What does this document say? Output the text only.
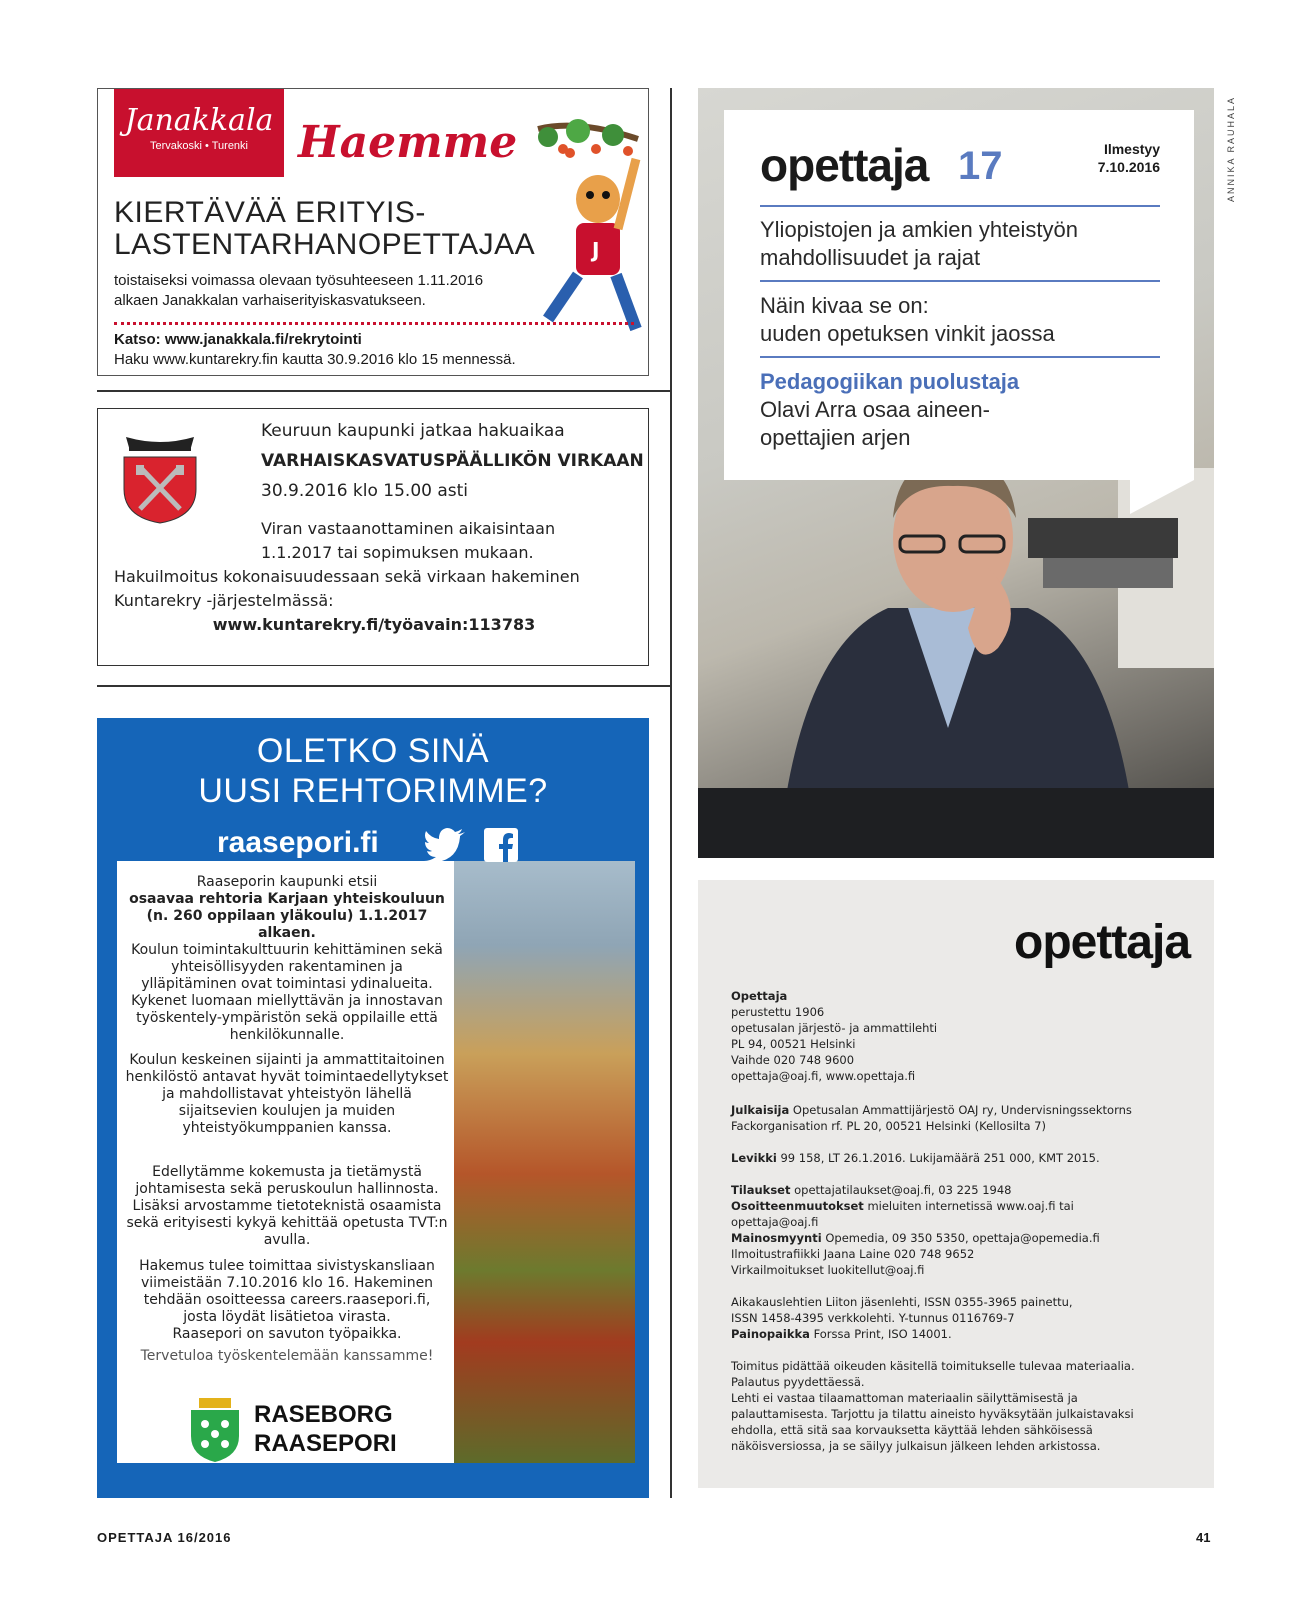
Janakkala
Tervakoski • Turenki	Haemme
J
KIERTÄVÄÄ ERITYIS-
LASTENTARHANOPETTAJAA
toistaiseksi voimassa olevaan työsuhteeseen 1.11.2016
alkaen Janakkalan varhaiserityiskasvatukseen.
Katso: www.janakkala.fi/rekrytointi
Haku www.kuntarekry.fin kautta 30.9.2016 klo 15 mennessä.
Keuruun kaupunki jatkaa hakuaikaa
VARHAISKASVATUSPÄÄLLIKÖN VIRKAAN
30.9.2016 klo 15.00 asti
Viran vastaanottaminen aikaisintaan
1.1.2017 tai sopimuksen mukaan.
Hakuilmoitus kokonaisuudessaan sekä virkaan hakeminen
Kuntarekry -järjestelmässä:
www.kuntarekry.fi/työavain:113783
OLETKO SINÄ
UUSI REHTORIMME?
raasepori.fi
Raaseporin kaupunki etsii
osaavaa rehtoria Karjaan yhteiskouluun
(n. 260 oppilaan yläkoulu) 1.1.2017 alkaen.
Koulun toimintakulttuurin kehittäminen sekä yhteisöllisyyden rakentaminen ja ylläpitäminen ovat toimintasi ydinalueita. Kykenet luomaan miellyttävän ja innostavan työskentely-ympäristön sekä oppilaille että henkilökunnalle.
Koulun keskeinen sijainti ja ammattitaitoinen henkilöstö antavat hyvät toimintaedellytykset ja mahdollistavat yhteistyön lähellä sijaitsevien koulujen ja muiden yhteistyökumppanien kanssa.
Edellytämme kokemusta ja tietämystä johtamisesta sekä peruskoulun hallinnosta. Lisäksi arvostamme tietoteknistä osaamista sekä erityisesti kykyä kehittää opetusta TVT:n avulla.
Hakemus tulee toimittaa sivistyskansliaan
viimeistään 7.10.2016 klo 16. Hakeminen
tehdään osoitteessa careers.raasepori.fi,
josta löydät lisätietoa virasta.
Raasepori on savuton työpaikka.
Tervetuloa työskentelemään kanssamme!
RASEBORG
RAASEPORI
ANNIKA RAUHALA
opettaja 17	Ilmestyy
7.10.2016
Yliopistojen ja amkien yhteistyön
mahdollisuudet ja rajat
Näin kivaa se on:
uuden opetuksen vinkit jaossa
Pedagogiikan puolustaja
Olavi Arra osaa aineen-
opettajien arjen
opettaja
Opettaja
perustettu 1906
opetusalan järjestö- ja ammattilehti
PL 94, 00521 Helsinki
Vaihde 020 748 9600
opettaja@oaj.fi, www.opettaja.fi
Julkaisija Opetusalan Ammattijärjestö OAJ ry, Undervisningssektorns
Fackorganisation rf. PL 20, 00521 Helsinki (Kellosilta 7)
Levikki 99 158, LT 26.1.2016. Lukijamäärä 251 000, KMT 2015.
Tilaukset opettajatilaukset@oaj.fi, 03 225 1948
Osoitteenmuutokset mieluiten internetissä www.oaj.fi tai
opettaja@oaj.fi
Mainosmyynti Opemedia, 09 350 5350, opettaja@opemedia.fi
Ilmoitustrafiikki Jaana Laine 020 748 9652
Virkailmoitukset luokitellut@oaj.fi
Aikakauslehtien Liiton jäsenlehti, ISSN 0355-3965 painettu,
ISSN 1458-4395 verkkolehti. Y-tunnus 0116769-7
Painopaikka Forssa Print, ISO 14001.
Toimitus pidättää oikeuden käsitellä toimitukselle tulevaa materiaalia.
Palautus pyydettäessä.
Lehti ei vastaa tilaamattoman materiaalin säilyttämisestä ja
palauttamisesta. Tarjottu ja tilattu aineisto hyväksytään julkaistavaksi
ehdolla, että sitä saa korvauksetta käyttää lehden sähköisessä
näköisversiossa, ja se säilyy julkaisun jälkeen lehden arkistossa.
OPETTAJA 16/2016	41
